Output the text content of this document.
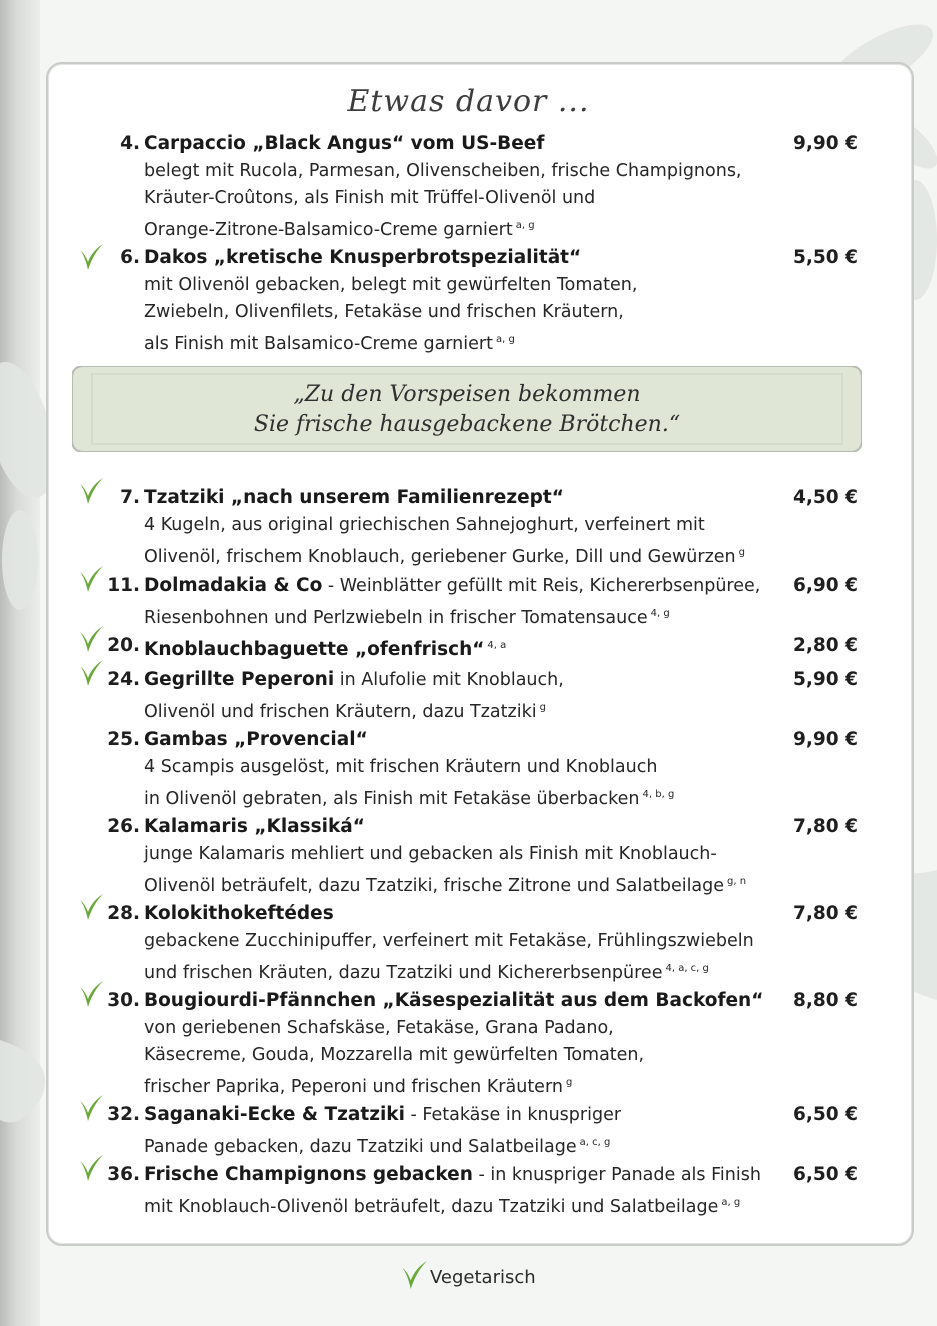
Etwas davor ...
„Zu den Vorspeisen bekommen
Sie frische hausgebackene Brötchen.“
4. Carpaccio „Black Angus“ vom US-Beef
belegt mit Rucola, Parmesan, Olivenscheiben, frische Champignons,
Kräuter-Croûtons, als Finish mit Trüffel-Olivenöl und
Orange-Zitrone-Balsamico-Creme garniert $^{a, g}$
9,90 €
6. Dakos „kretische Knusperbrotspezialität“
mit Olivenöl gebacken, belegt mit gewürfelten Tomaten,
Zwiebeln, Olivenfilets, Fetakäse und frischen Kräutern,
als Finish mit Balsamico-Creme garniert $^{a, g}$
5,50 €
7. Tzatziki „nach unserem Familienrezept“
4 Kugeln, aus original griechischen Sahnejoghurt, verfeinert mit
Olivenöl, frischem Knoblauch, geriebener Gurke, Dill und Gewürzen $^g$
4,50 €
11. Dolmadakia & Co - Weinblätter gefüllt mit Reis, Kichererbsenpüree,
Riesenbohnen und Perlzwiebeln in frischer Tomatensauce $^{4, g}$
6,90 €
20. Knoblauchbaguette „ofenfrisch“ $^{4, a}$	2,80 €
24. Gegrillte Peperoni in Alufolie mit Knoblauch,
Olivenöl und frischen Kräutern, dazu Tzatziki $^g$
5,90 €
25. Gambas „Provencial“
4 Scampis ausgelöst, mit frischen Kräutern und Knoblauch
in Olivenöl gebraten, als Finish mit Fetakäse überbacken $^{4, b, g}$
9,90 €
26. Kalamaris „Klassiká“
junge Kalamaris mehliert und gebacken als Finish mit Knoblauch-
Olivenöl beträufelt, dazu Tzatziki, frische Zitrone und Salatbeilage $^{g, n}$
7,80 €
28. Kolokithokeftédes
gebackene Zucchinipuffer, verfeinert mit Fetakäse, Frühlingszwiebeln
und frischen Kräuten, dazu Tzatziki und Kichererbsenpüree $^{4, a, c, g}$
7,80 €
30. Bougiourdi-Pfännchen „Käsespezialität aus dem Backofen“
von geriebenen Schafskäse, Fetakäse, Grana Padano,
Käsecreme, Gouda, Mozzarella mit gewürfelten Tomaten,
frischer Paprika, Peperoni und frischen Kräutern $^g$
8,80 €
32. Saganaki-Ecke & Tzatziki - Fetakäse in knuspriger
Panade gebacken, dazu Tzatziki und Salatbeilage $^{a, c, g}$
6,50 €
36. Frische Champignons gebacken - in knuspriger Panade als Finish
mit Knoblauch-Olivenöl beträufelt, dazu Tzatziki und Salatbeilage $^{a, g}$
6,50 €
Vegetarisch
